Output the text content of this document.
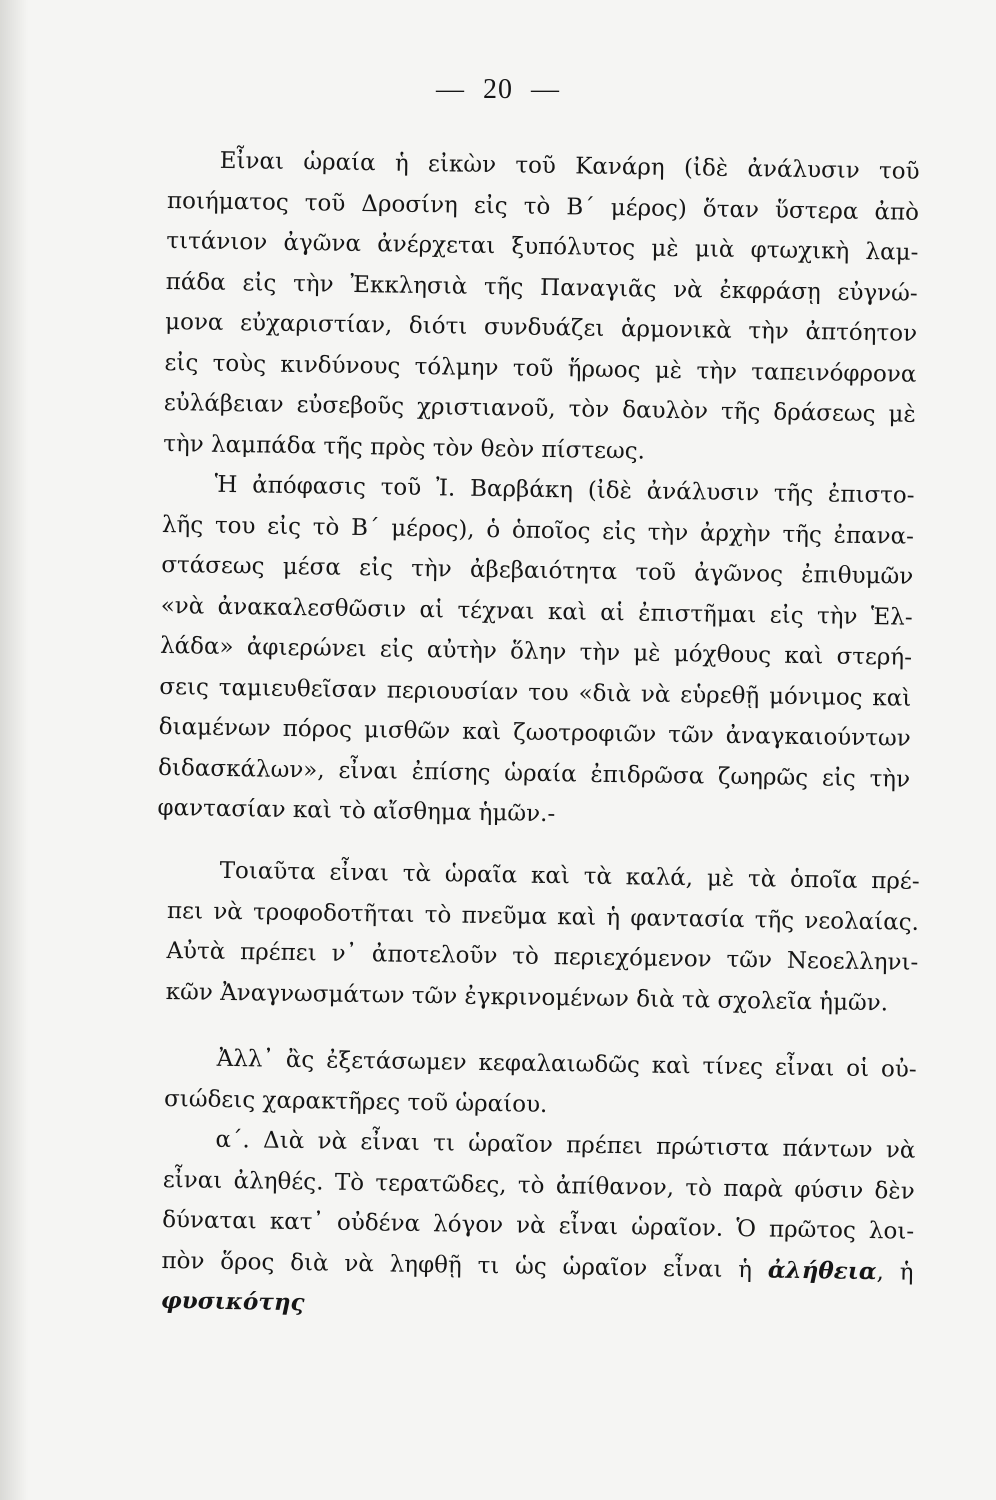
— 20 —
Εἶναι ὡραία ἡ εἰκὼν τοῦ Κανάρη (ἰδὲ ἀνάλυσιν τοῦ
ποιήματος τοῦ Δροσίνη εἰς τὸ Β΄ μέρος) ὅταν ὕστερα ἀπὸ
τιτάνιον ἀγῶνα ἀνέρχεται ξυπόλυτος μὲ μιὰ φτωχικὴ λαμ-
πάδα εἰς τὴν Ἐκκλησιὰ τῆς Παναγιᾶς νὰ ἐκφράσῃ εὐγνώ-
μονα εὐχαριστίαν, διότι συνδυάζει ἁρμονικὰ τὴν ἀπτόητον
εἰς τοὺς κινδύνους τόλμην τοῦ ἥρωος μὲ τὴν ταπεινόφρονα
εὐλάβειαν εὐσεβοῦς χριστιανοῦ, τὸν δαυλὸν τῆς δράσεως μὲ
τὴν λαμπάδα τῆς πρὸς τὸν θεὸν πίστεως.
Ἡ ἀπόφασις τοῦ Ἰ. Βαρβάκη (ἰδὲ ἀνάλυσιν τῆς ἐπιστο-
λῆς του εἰς τὸ Β΄ μέρος), ὁ ὁποῖος εἰς τὴν ἀρχὴν τῆς ἐπανα-
στάσεως μέσα εἰς τὴν ἀβεβαιότητα τοῦ ἀγῶνος ἐπιθυμῶν
«νὰ ἀνακαλεσθῶσιν αἱ τέχναι καὶ αἱ ἐπιστῆμαι εἰς τὴν Ἑλ-
λάδα» ἀφιερώνει εἰς αὐτὴν ὅλην τὴν μὲ μόχθους καὶ στερή-
σεις ταμιευθεῖσαν περιουσίαν του «διὰ νὰ εὑρεθῇ μόνιμος καὶ
διαμένων πόρος μισθῶν καὶ ζωοτροφιῶν τῶν ἀναγκαιούντων
διδασκάλων», εἶναι ἐπίσης ὡραία ἐπιδρῶσα ζωηρῶς εἰς τὴν
φαντασίαν καὶ τὸ αἴσθημα ἡμῶν.-
Τοιαῦτα εἶναι τὰ ὡραῖα καὶ τὰ καλά, μὲ τὰ ὁποῖα πρέ-
πει νὰ τροφοδοτῆται τὸ πνεῦμα καὶ ἡ φαντασία τῆς νεολαίας.
Αὐτὰ πρέπει ν᾽ ἀποτελοῦν τὸ περιεχόμενον τῶν Νεοελληνι-
κῶν Ἀναγνωσμάτων τῶν ἐγκρινομένων διὰ τὰ σχολεῖα ἡμῶν.
Ἀλλ᾽ ἂς ἐξετάσωμεν κεφαλαιωδῶς καὶ τίνες εἶναι οἱ οὐ-
σιώδεις χαρακτῆρες τοῦ ὡραίου.
α΄. Διὰ νὰ εἶναι τι ὡραῖον πρέπει πρώτιστα πάντων νὰ
εἶναι ἀληθές. Τὸ τερατῶδες, τὸ ἀπίθανον, τὸ παρὰ φύσιν δὲν
δύναται κατ᾽ οὐδένα λόγον νὰ εἶναι ὡραῖον. Ὁ πρῶτος λοι-
πὸν ὅρος διὰ νὰ ληφθῇ τι ὡς ὡραῖον εἶναι ἡ ἀλήθεια, ἡ
φυσικότης
